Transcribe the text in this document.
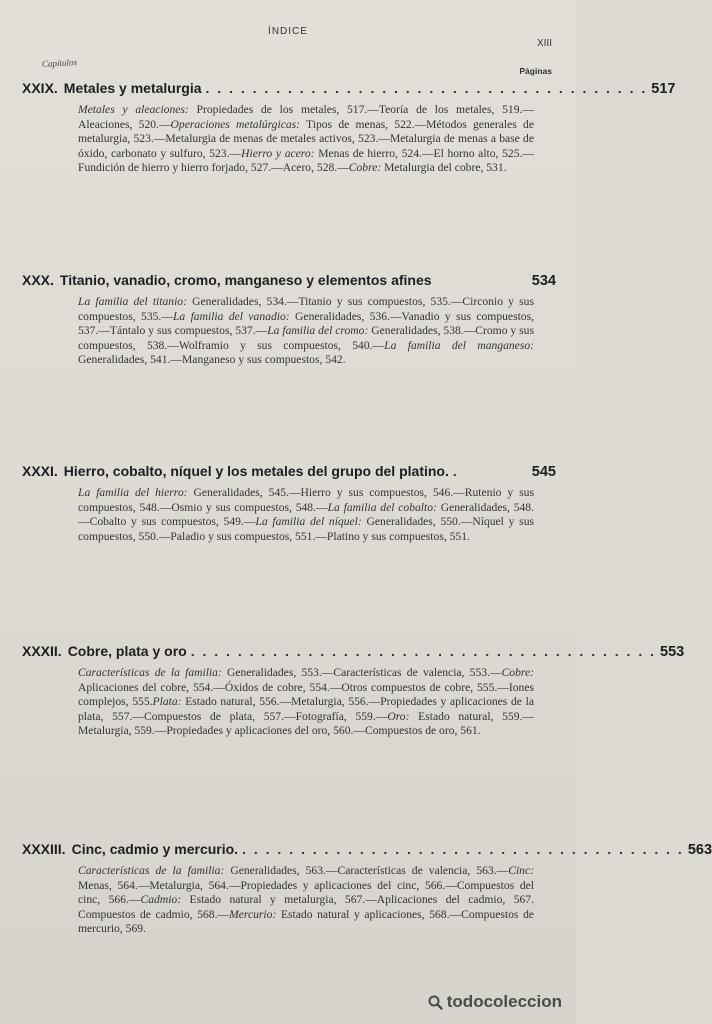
ÍNDICE
XIII
Capítulos
Páginas
XXIX. Metales y metalurgia . . . . . . . . . . . . . . . . . . . . . . . . . . . . . . . . . . . . . . 517
Metales y aleaciones: Propiedades de los metales, 517.—Teoría de los metales, 519.—Aleaciones, 520.—Operaciones metalúrgicas: Tipos de menas, 522.—Métodos generales de metalurgia, 523.—Metalurgia de menas de metales activos, 523.—Metalurgia de menas a base de óxido, carbonato y sulfuro, 523.—Hierro y acero: Menas de hierro, 524.—El horno alto, 525.—Fundición de hierro y hierro forjado, 527.—Acero, 528.—Cobre: Metalurgia del cobre, 531.
XXX. Titanio, vanadio, cromo, manganeso y elementos afines	534
La familia del titanio: Generalidades, 534.—Titanio y sus compuestos, 535.—Circonio y sus compuestos, 535.—La familia del vanadio: Generalidades, 536.—Vanadio y sus compuestos, 537.—Tántalo y sus compuestos, 537.—La familia del cromo: Generalidades, 538.—Cromo y sus compuestos, 538.—Wolframio y sus compuestos, 540.—La familia del manganeso: Generalidades, 541.—Manganeso y sus compuestos, 542.
XXXI. Hierro, cobalto, níquel y los metales del grupo del platino. .	545
La familia del hierro: Generalidades, 545.—Hierro y sus compuestos, 546.—Rutenio y sus compuestos, 548.—Osmio y sus compuestos, 548.—La familia del cobalto: Generalidades, 548.—Cobalto y sus compuestos, 549.—La familia del níquel: Generalidades, 550.—Níquel y sus compuestos, 550.—Paladio y sus compuestos, 551.—Platino y sus compuestos, 551.
XXXII. Cobre, plata y oro . . . . . . . . . . . . . . . . . . . . . . . . . . . . . . . . . . . . . . . . 553
Características de la familia: Generalidades, 553.—Características de valencia, 553.—Cobre: Aplicaciones del cobre, 554.—Óxidos de cobre, 554.—Otros compuestos de cobre, 555.—Iones complejos, 555.Plata: Estado natural, 556.—Metalurgia, 556.—Propiedades y aplicaciones de la plata, 557.—Compuestos de plata, 557.—Fotografía, 559.—Oro: Estado natural, 559.—Metalurgia, 559.—Propiedades y aplicaciones del oro, 560.—Compuestos de oro, 561.
XXXIII. Cinc, cadmio y mercurio. . . . . . . . . . . . . . . . . . . . . . . . . . . . . . . . . . . . . . . 563
Características de la familia: Generalidades, 563.—Características de valencia, 563.—Cinc: Menas, 564.—Metalurgia, 564.—Propiedades y aplicaciones del cinc, 566.—Compuestos del cinc, 566.—Cadmio: Estado natural y metalurgia, 567.—Aplicaciones del cadmio, 567. Compuestos de cadmio, 568.—Mercurio: Estado natural y aplicaciones, 568.—Compuestos de mercurio, 569.
todocoleccion
